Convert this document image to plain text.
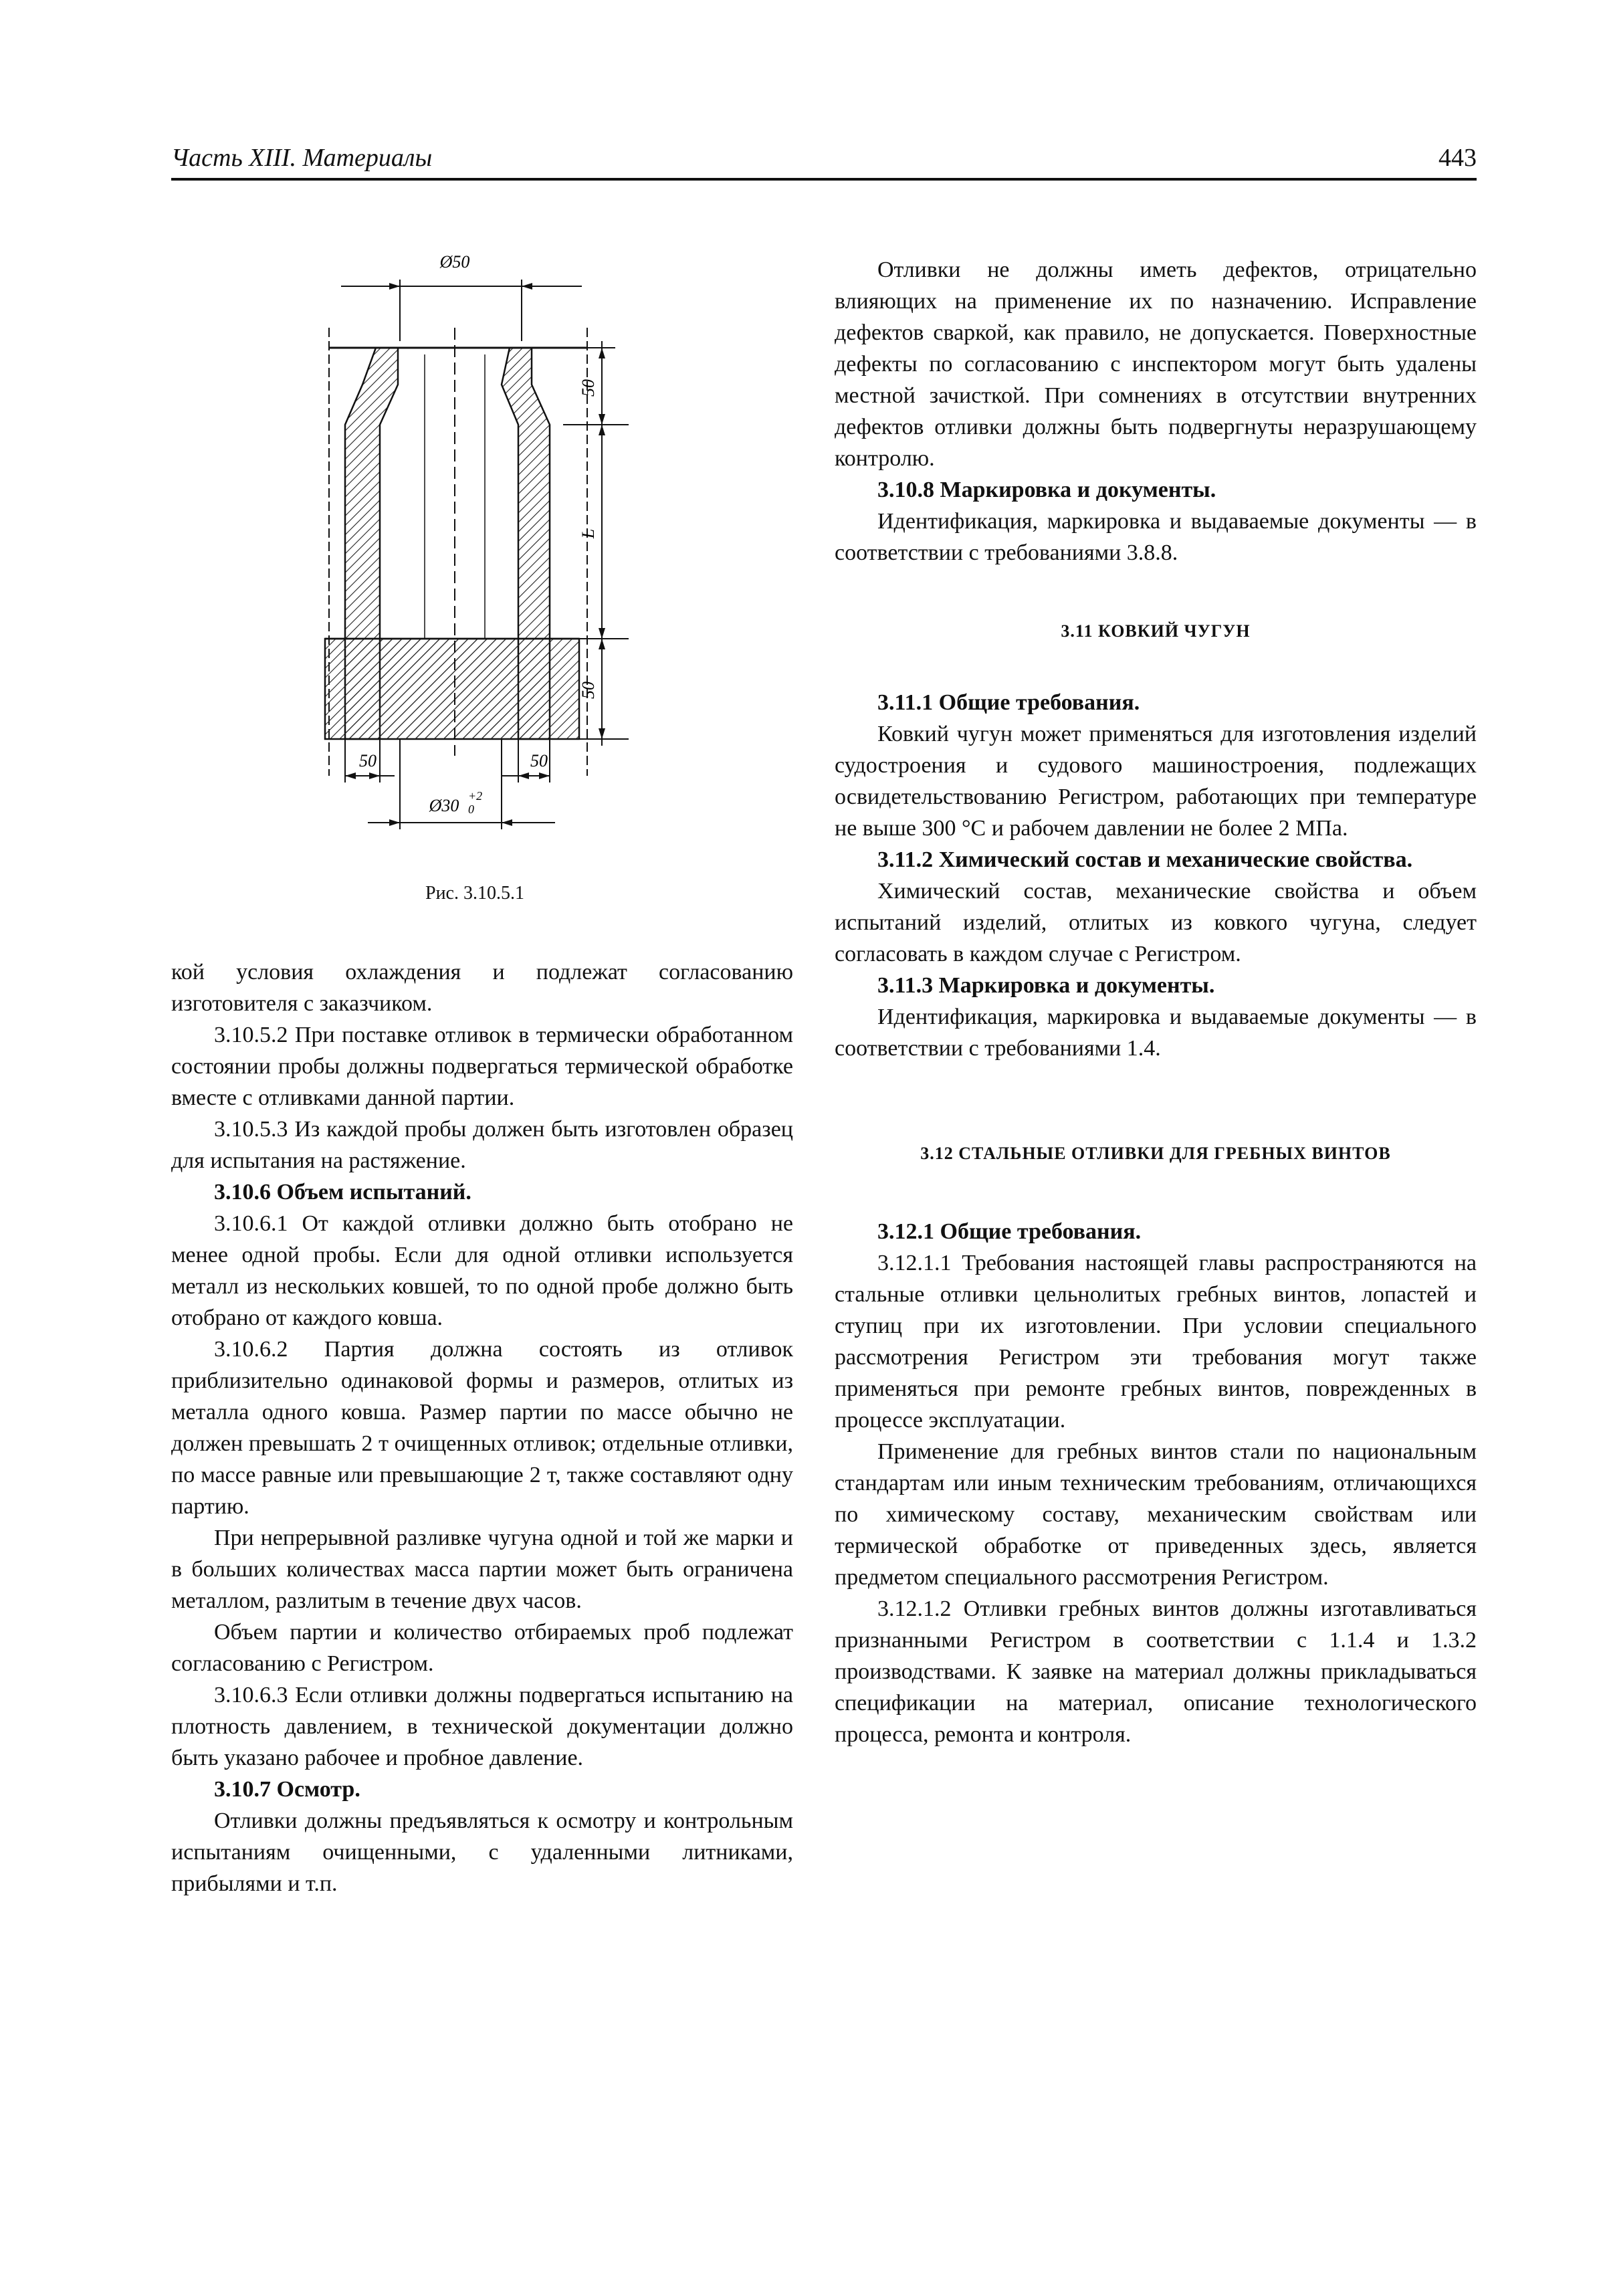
Часть XIII. Материалы	443
Ø50
50
L
50
50	50
Ø30 +2
0
Рис. 3.10.5.1

кой условия охлаждения и подлежат согласованию изготовителя с заказчиком.

3.10.5.2 При поставке отливок в термически обработанном состоянии пробы должны подвергаться термической обработке вместе с отливками данной партии.

3.10.5.3 Из каждой пробы должен быть изготовлен образец для испытания на растяжение.

3.10.6 Объем испытаний.

3.10.6.1 От каждой отливки должно быть отобрано не менее одной пробы. Если для одной отливки используется металл из нескольких ковшей, то по одной пробе должно быть отобрано от каждого ковша.

3.10.6.2 Партия должна состоять из отливок приблизительно одинаковой формы и размеров, отлитых из металла одного ковша. Размер партии по массе обычно не должен превышать 2 т очищенных отливок; отдельные отливки, по массе равные или превышающие 2 т, также составляют одну партию.

При непрерывной разливке чугуна одной и той же марки и в больших количествах масса партии может быть ограничена металлом, разлитым в течение двух часов.

Объем партии и количество отбираемых проб подлежат согласованию с Регистром.

3.10.6.3 Если отливки должны подвергаться испытанию на плотность давлением, в технической документации должно быть указано рабочее и пробное давление.

3.10.7 Осмотр.

Отливки должны предъявляться к осмотру и контрольным испытаниям очищенными, с удаленными литниками, прибылями и т.п.

Отливки не должны иметь дефектов, отрицательно влияющих на применение их по назначению. Исправление дефектов сваркой, как правило, не допускается. Поверхностные дефекты по согласованию с инспектором могут быть удалены местной зачисткой. При сомнениях в отсутствии внутренних дефектов отливки должны быть подвергнуты неразрушающему контролю.

3.10.8 Маркировка и документы.

Идентификация, маркировка и выдаваемые документы — в соответствии с требованиями 3.8.8.

3.11 КОВКИЙ ЧУГУН

3.11.1 Общие требования.

Ковкий чугун может применяться для изготовления изделий судостроения и судового машиностроения, подлежащих освидетельствованию Регистром, работающих при температуре не выше 300 °С и рабочем давлении не более 2 МПа.

3.11.2 Химический состав и механические свойства.

Химический состав, механические свойства и объем испытаний изделий, отлитых из ковкого чугуна, следует согласовать в каждом случае с Регистром.

3.11.3 Маркировка и документы.

Идентификация, маркировка и выдаваемые документы — в соответствии с требованиями 1.4.

3.12 СТАЛЬНЫЕ ОТЛИВКИ ДЛЯ ГРЕБНЫХ ВИНТОВ

3.12.1 Общие требования.

3.12.1.1 Требования настоящей главы распространяются на стальные отливки цельнолитых гребных винтов, лопастей и ступиц при их изготовлении. При условии специального рассмотрения Регистром эти требования могут также применяться при ремонте гребных винтов, поврежденных в процессе эксплуатации.

Применение для гребных винтов стали по национальным стандартам или иным техническим требованиям, отличающихся по химическому составу, механическим свойствам или термической обработке от приведенных здесь, является предметом специального рассмотрения Регистром.

3.12.1.2 Отливки гребных винтов должны изготавливаться признанными Регистром в соответствии с 1.1.4 и 1.3.2 производствами. К заявке на материал должны прикладываться спецификации на материал, описание технологического процесса, ремонта и контроля.
